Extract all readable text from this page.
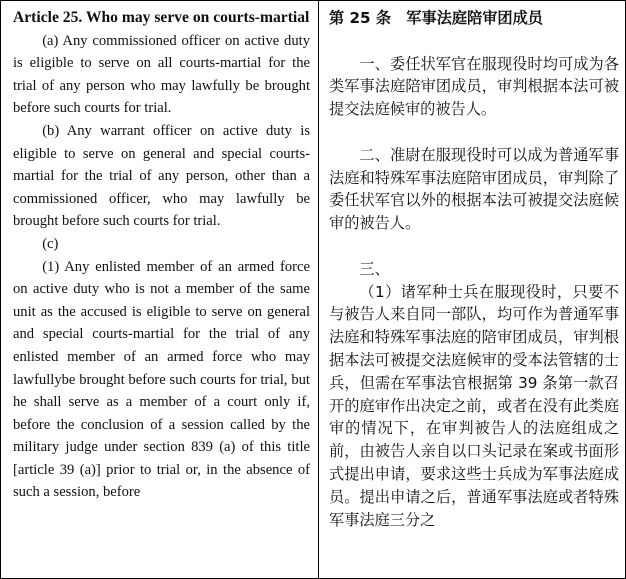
Article 25. Who may serve on courts-martial

(a) Any commissioned officer on active duty is eligible to serve on all courts-martial for the trial of any person who may lawfully be brought before such courts for trial.

(b) Any warrant officer on active duty is eligible to serve on general and special courts-martial for the trial of any person, other than a commissioned officer, who may lawfully be brought before such courts for trial.

(c)

(1) Any enlisted member of an armed force on active duty who is not a member of the same unit as the accused is eligible to serve on general and special courts-martial for the trial of any enlisted member of an armed force who may lawfullybe brought before such courts for trial, but he shall serve as a member of a court only if, before the conclusion of a session called by the military judge under section 839 (a) of this title [article 39 (a)] prior to trial or, in the absence of such a session, before

第 25 条　军事法庭陪审团成员

一、委任状军官在服现役时均可成为各类军事法庭陪审团成员，审判根据本法可被提交法庭候审的被告人。

二、准尉在服现役时可以成为普通军事法庭和特殊军事法庭陪审团成员，审判除了委任状军官以外的根据本法可被提交法庭候审的被告人。

三、

（1）诸军种士兵在服现役时，只要不与被告人来自同一部队，均可作为普通军事法庭和特殊军事法庭的陪审团成员，审判根据本法可被提交法庭候审的受本法管辖的士兵，但需在军事法官根据第 39 条第一款召开的庭审作出决定之前，或者在没有此类庭审的情况下，在审判被告人的法庭组成之前，由被告人亲自以口头记录在案或书面形式提出申请，要求这些士兵成为军事法庭成员。提出申请之后，普通军事法庭或者特殊军事法庭三分之
